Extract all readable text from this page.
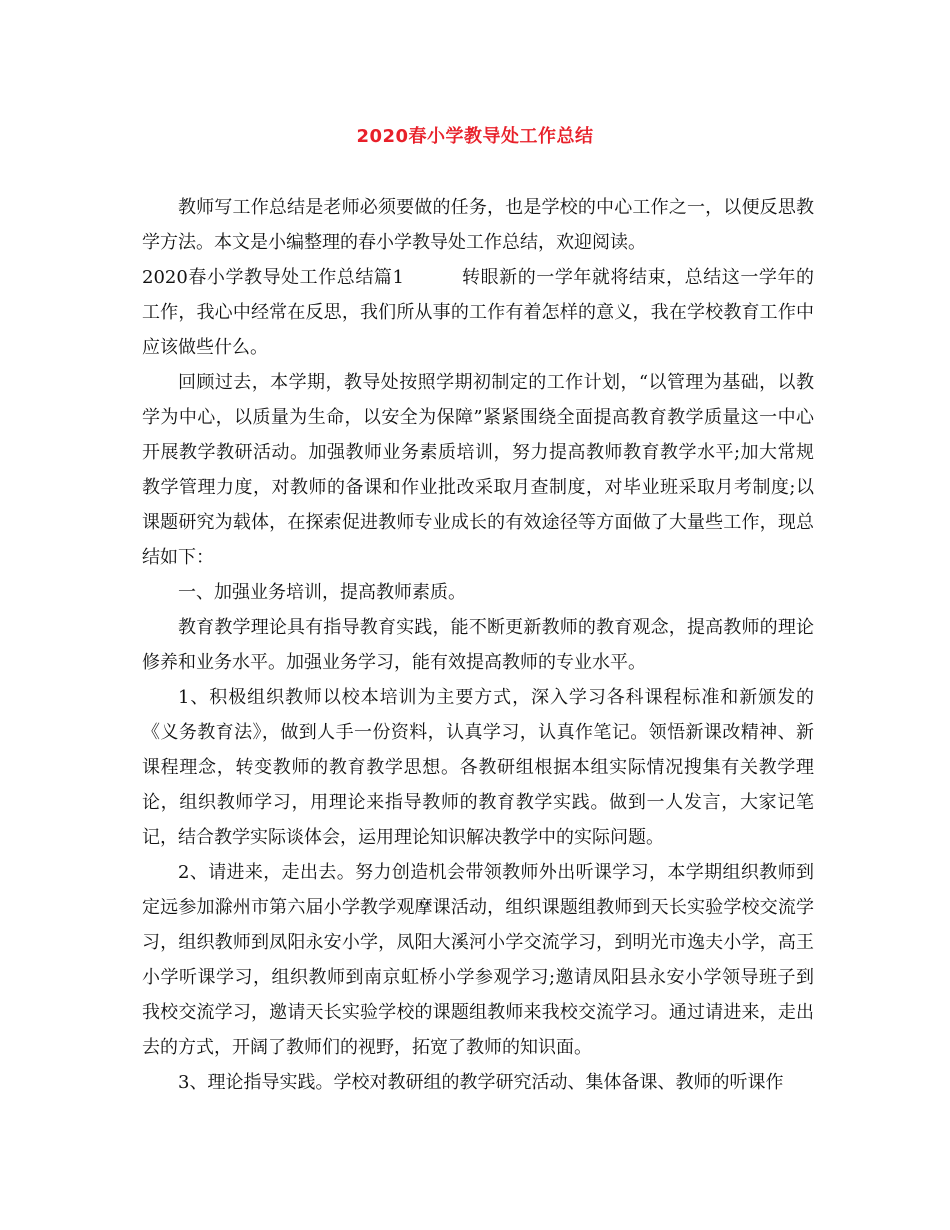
2020春小学教导处工作总结

教师写工作总结是老师必须要做的任务，也是学校的中心工作之一，以便反思教学方法。本文是小编整理的春小学教导处工作总结，欢迎阅读。

2020春小学教导处工作总结篇1	转眼新的一学年就将结束，总结这一学年的工作，我心中经常在反思，我们所从事的工作有着怎样的意义，我在学校教育工作中应该做些什么。

回顾过去，本学期，教导处按照学期初制定的工作计划，“以管理为基础，以教学为中心，以质量为生命，以安全为保障”紧紧围绕全面提高教育教学质量这一中心开展教学教研活动。加强教师业务素质培训，努力提高教师教育教学水平;加大常规教学管理力度，对教师的备课和作业批改采取月查制度，对毕业班采取月考制度;以课题研究为载体，在探索促进教师专业成长的有效途径等方面做了大量些工作，现总结如下：

一、加强业务培训，提高教师素质。

教育教学理论具有指导教育实践，能不断更新教师的教育观念，提高教师的理论修养和业务水平。加强业务学习，能有效提高教师的专业水平。

1、积极组织教师以校本培训为主要方式，深入学习各科课程标准和新颁发的《义务教育法》，做到人手一份资料，认真学习，认真作笔记。领悟新课改精神、新课程理念，转变教师的教育教学思想。各教研组根据本组实际情况搜集有关教学理论，组织教师学习，用理论来指导教师的教育教学实践。做到一人发言，大家记笔记，结合教学实际谈体会，运用理论知识解决教学中的实际问题。

2、请进来，走出去。努力创造机会带领教师外出听课学习，本学期组织教师到定远参加滁州市第六届小学教学观摩课活动，组织课题组教师到天长实验学校交流学习，组织教师到凤阳永安小学，凤阳大溪河小学交流学习，到明光市逸夫小学，高王小学听课学习，组织教师到南京虹桥小学参观学习;邀请凤阳县永安小学领导班子到我校交流学习，邀请天长实验学校的课题组教师来我校交流学习。通过请进来，走出去的方式，开阔了教师们的视野，拓宽了教师的知识面。

3、理论指导实践。学校对教研组的教学研究活动、集体备课、教师的听课作
